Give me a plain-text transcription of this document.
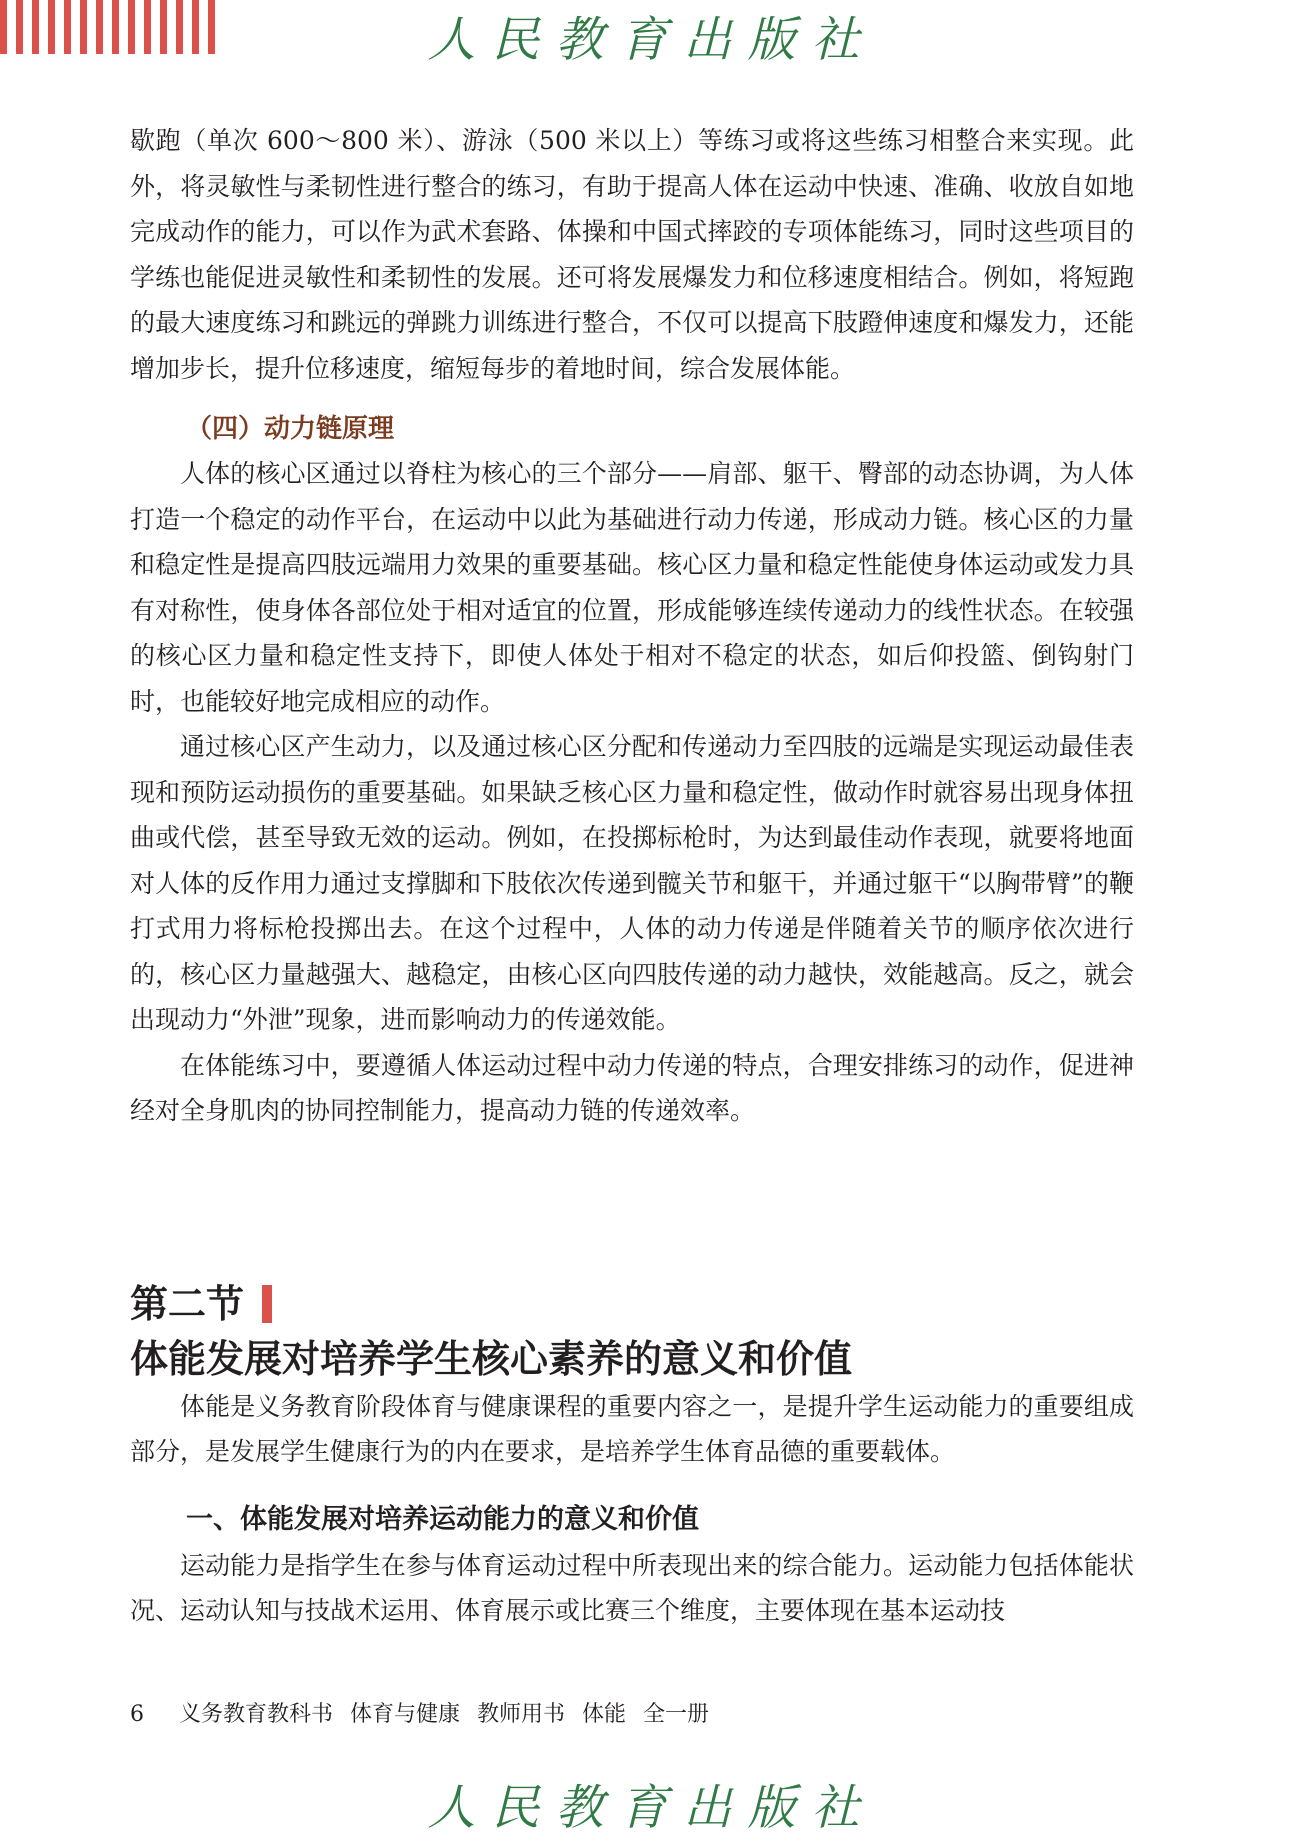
人民教育出版社

歇跑（单次 600～800 米）、游泳（500 米以上）等练习或将这些练习相整合来实现。此外，将灵敏性与柔韧性进行整合的练习，有助于提高人体在运动中快速、准确、收放自如地完成动作的能力，可以作为武术套路、体操和中国式摔跤的专项体能练习，同时这些项目的学练也能促进灵敏性和柔韧性的发展。还可将发展爆发力和位移速度相结合。例如，将短跑的最大速度练习和跳远的弹跳力训练进行整合，不仅可以提高下肢蹬伸速度和爆发力，还能增加步长，提升位移速度，缩短每步的着地时间，综合发展体能。

（四）动力链原理

人体的核心区通过以脊柱为核心的三个部分——肩部、躯干、臀部的动态协调，为人体打造一个稳定的动作平台，在运动中以此为基础进行动力传递，形成动力链。核心区的力量和稳定性是提高四肢远端用力效果的重要基础。核心区力量和稳定性能使身体运动或发力具有对称性，使身体各部位处于相对适宜的位置，形成能够连续传递动力的线性状态。在较强的核心区力量和稳定性支持下，即使人体处于相对不稳定的状态，如后仰投篮、倒钩射门时，也能较好地完成相应的动作。

通过核心区产生动力，以及通过核心区分配和传递动力至四肢的远端是实现运动最佳表现和预防运动损伤的重要基础。如果缺乏核心区力量和稳定性，做动作时就容易出现身体扭曲或代偿，甚至导致无效的运动。例如，在投掷标枪时，为达到最佳动作表现，就要将地面对人体的反作用力通过支撑脚和下肢依次传递到髋关节和躯干，并通过躯干“以胸带臂”的鞭打式用力将标枪投掷出去。在这个过程中，人体的动力传递是伴随着关节的顺序依次进行的，核心区力量越强大、越稳定，由核心区向四肢传递的动力越快，效能越高。反之，就会出现动力“外泄”现象，进而影响动力的传递效能。

在体能练习中，要遵循人体运动过程中动力传递的特点，合理安排练习的动作，促进神经对全身肌肉的协同控制能力，提高动力链的传递效率。

第二节
体能发展对培养学生核心素养的意义和价值

体能是义务教育阶段体育与健康课程的重要内容之一，是提升学生运动能力的重要组成部分，是发展学生健康行为的内在要求，是培养学生体育品德的重要载体。

一、体能发展对培养运动能力的意义和价值

运动能力是指学生在参与体育运动过程中所表现出来的综合能力。运动能力包括体能状况、运动认知与技战术运用、体育展示或比赛三个维度，主要体现在基本运动技

6 义务教育教科书 体育与健康 教师用书 体能 全一册
人民教育出版社
